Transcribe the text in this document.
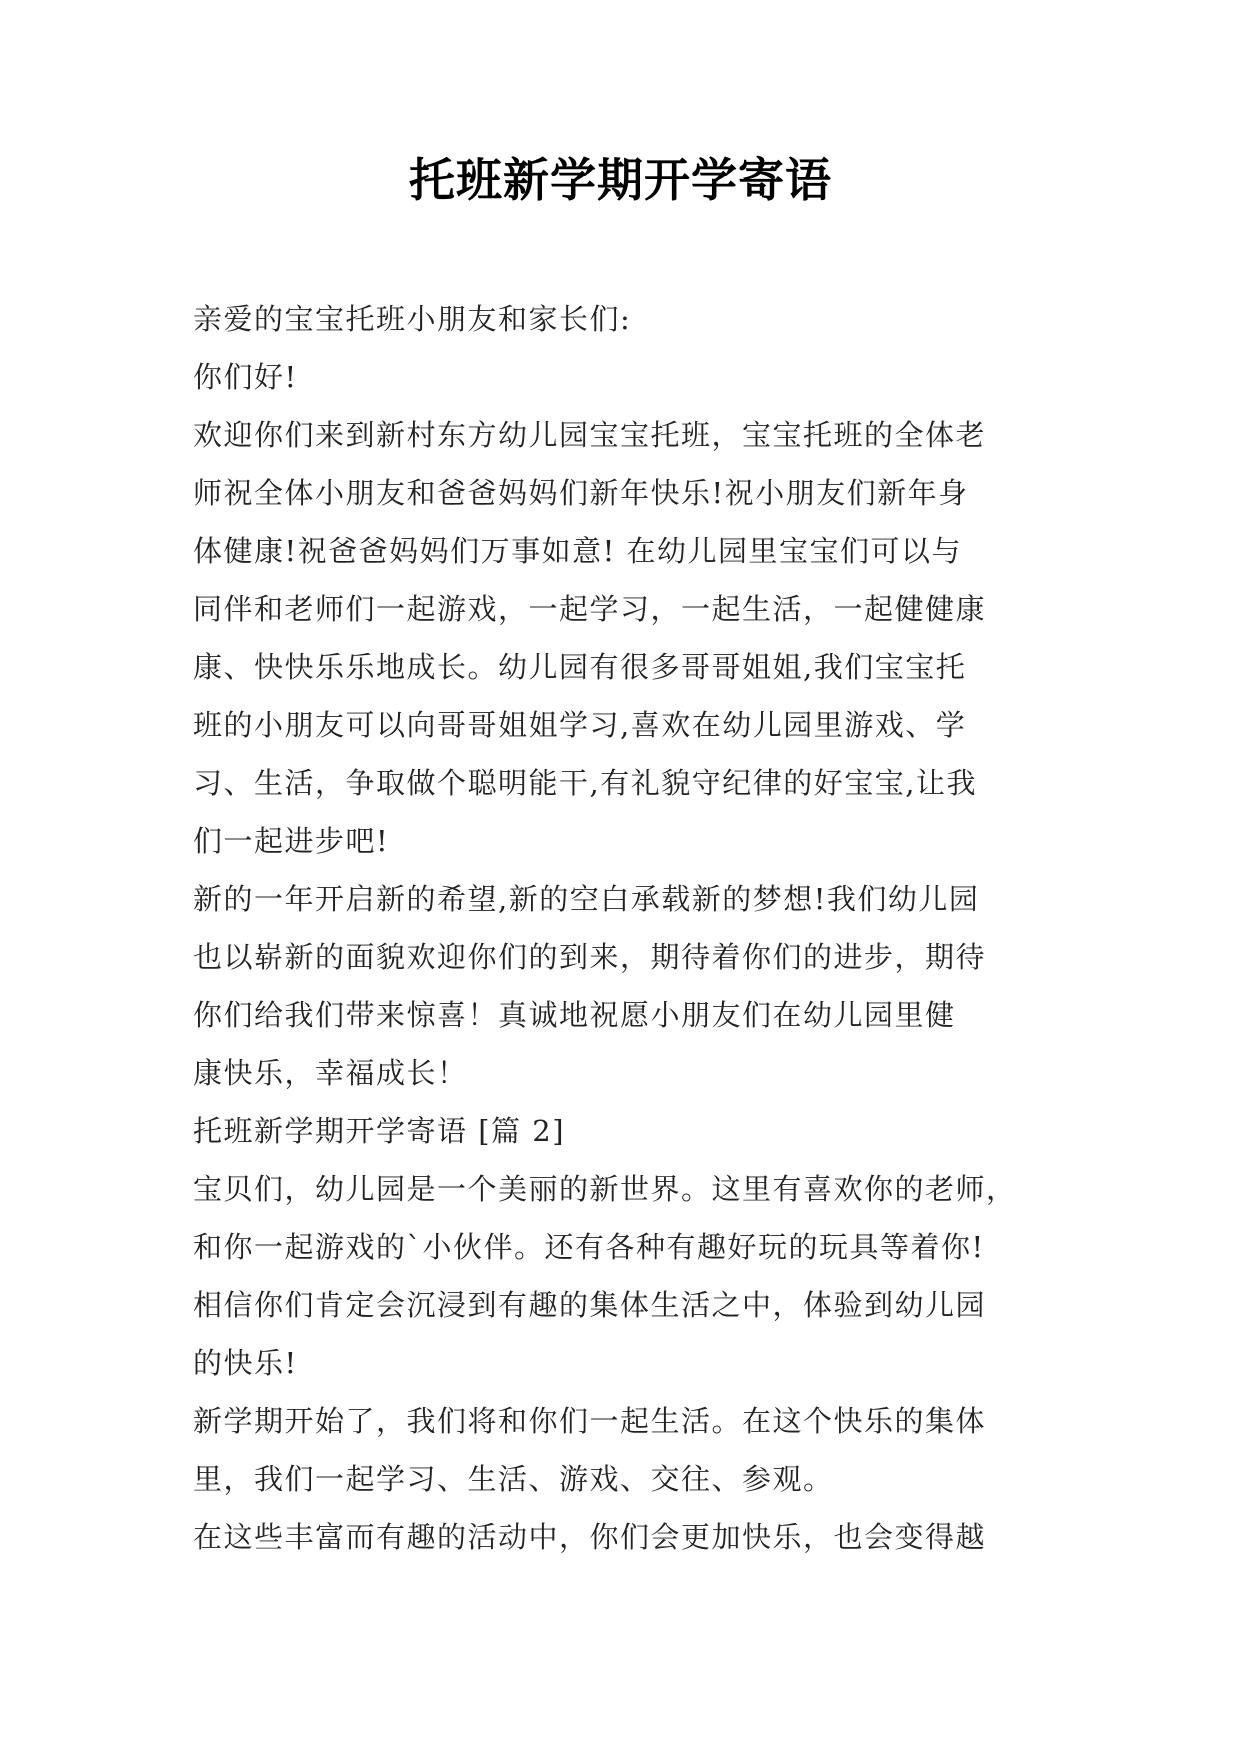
托班新学期开学寄语
亲爱的宝宝托班小朋友和家长们:
你们好!
欢迎你们来到新村东方幼儿园宝宝托班，宝宝托班的全体老
师祝全体小朋友和爸爸妈妈们新年快乐!祝小朋友们新年身
体健康!祝爸爸妈妈们万事如意! 在幼儿园里宝宝们可以与
同伴和老师们一起游戏，一起学习，一起生活，一起健健康
康、快快乐乐地成长。幼儿园有很多哥哥姐姐,我们宝宝托
班的小朋友可以向哥哥姐姐学习,喜欢在幼儿园里游戏、学
习、生活，争取做个聪明能干,有礼貌守纪律的好宝宝,让我
们一起进步吧!
新的一年开启新的希望,新的空白承载新的梦想!我们幼儿园
也以崭新的面貌欢迎你们的到来，期待着你们的进步，期待
你们给我们带来惊喜！真诚地祝愿小朋友们在幼儿园里健
康快乐，幸福成长！
托班新学期开学寄语 [篇 2]
宝贝们，幼儿园是一个美丽的新世界。这里有喜欢你的老师，
和你一起游戏的`小伙伴。还有各种有趣好玩的玩具等着你!
相信你们肯定会沉浸到有趣的集体生活之中，体验到幼儿园
的快乐!
新学期开始了，我们将和你们一起生活。在这个快乐的集体
里，我们一起学习、生活、游戏、交往、参观。
在这些丰富而有趣的活动中，你们会更加快乐，也会变得越
